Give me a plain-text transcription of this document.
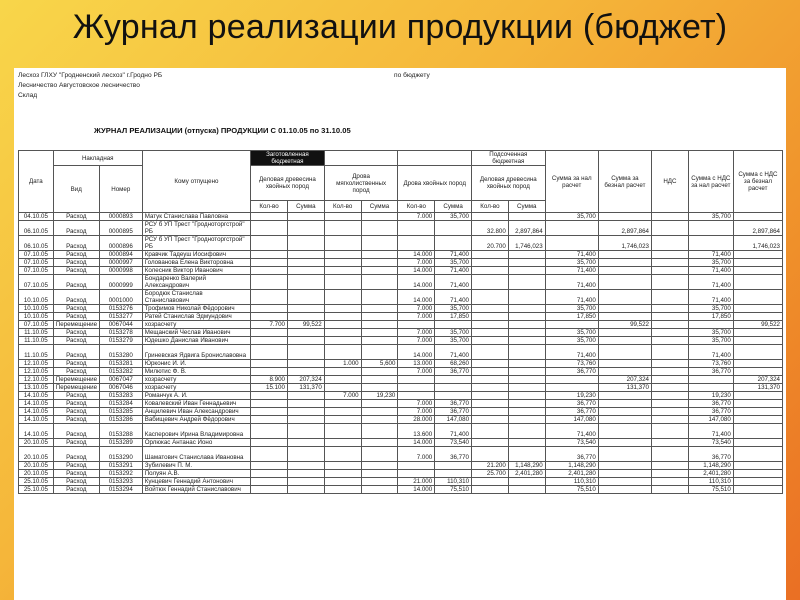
Журнал реализации продукции (бюджет)
Лесхоз ГЛХУ "Гродненский лесхоз" г.Гродно РБ	по бюджету
Лесничество Августовское лесничество
Склад
ЖУРНАЛ РЕАЛИЗАЦИИ (отпуска) ПРОДУКЦИИ С 01.10.05 по 31.10.05
Дата	Накладная		Кому отпущено	Заготовленная бюджетная						Подсоченная бюджетная		Сумма за нал расчет	Сумма за безнал расчет	НДС	Сумма с НДС за нал расчет	Сумма с НДС за безнал расчет
	Вид	Номер		Деловая древесина хвойных пород		Дрова мягколиственных пород		Дрова хвойных пород		Деловая древесина хвойных пород						
				Кол-во	Сумма	Кол-во	Сумма	Кол-во	Сумма	Кол-во	Сумма					
04.10.05	Расход	0000893	Матук Станислава Павловна					7.000	35,700			35,700			35,700	
06.10.05	Расход	0000895	РСУ б УП Трест "Гродноторгстрой" РБ							32.800	2,897,864		2,897,864			2,897,864
06.10.05	Расход	0000896	РСУ б УП Трест "Гродноторгстрой" РБ							20.700	1,746,023		1,746,023			1,746,023
07.10.05	Расход	0000894	Кравчик Тадеуш Иосифович					14.000	71,400			71,400			71,400	
07.10.05	Расход	0000997	Голованова Елена Викторовна					7.000	35,700			35,700			35,700	
07.10.05	Расход	0000998	Колесник Виктор Иванович					14.000	71,400			71,400			71,400	
07.10.05	Расход	0000999	Бондаренко Валерий Александрович					14.000	71,400			71,400			71,400	
10.10.05	Расход	0001000	Бородюк Станислав Станиславович					14.000	71,400			71,400			71,400	
10.10.05	Расход	0153276	Трофимов Николай Фёдорович					7.000	35,700			35,700			35,700	
10.10.05	Расход	0153277	Ратей Станислав Эдмундович					7.000	17,850			17,850			17,850	
07.10.05	Перемещение	0067044	хозрасчету	7.700	99,522								99,522			99,522
11.10.05	Расход	0153278	Мещанский Чеслав Иванович					7.000	35,700			35,700			35,700	
11.10.05	Расход	0153279	Юдешко Данислав Иванович					7.000	35,700			35,700			35,700	
11.10.05	Расход	0153280	Гриневская Ядвига Брониславовна					14.000	71,400			71,400			71,400	
12.10.05	Расход	0153281	Юрконис И. И.			1.000	5,600	13.000	68,260			73,760			73,760	
12.10.05	Расход	0153282	Милютис Ф. В.					7.000	36,770			36,770			36,770	
12.10.05	Перемещение	0067047	хозрасчету	8.900	207,324								207,324			207,324
13.10.05	Перемещение	0067046	хозрасчету	15.100	131,370								131,370			131,370
14.10.05	Расход	0153283	Романчук А. И.			7.000	19,230					19,230			19,230	
14.10.05	Расход	0153284	Ковалевский Иван Геннадьевич					7.000	36,770			36,770			36,770	
14.10.05	Расход	0153285	Анцилевич Иван Александрович					7.000	36,770			36,770			36,770	
14.10.05	Расход	0153286	Вабищевич Андрей Фёдорович					28.000	147,080			147,080			147,080	
14.10.05	Расход	0153288	Касперович Ирина Владимировна					13.600	71,400			71,400			71,400	
20.10.05	Расход	0153289	Орлюкас Антанас Ионо					14.000	73,540			73,540			73,540	
20.10.05	Расход	0153290	Шаматович Станислава Ивановна					7.000	36,770			36,770			36,770	
20.10.05	Расход	0153291	Зубилевич П. М.							21.200	1,148,290	1,148,290			1,148,290	
20.10.05	Расход	0153292	Полуян А.В.							25.700	2,401,280	2,401,280			2,401,280	
25.10.05	Расход	0153293	Кунцевич Геннадий Антонович					21.000	110,310			110,310			110,310	
25.10.05	Расход	0153294	Войтюк Геннадий Станиславович					14.000	75,510			75,510			75,510	
